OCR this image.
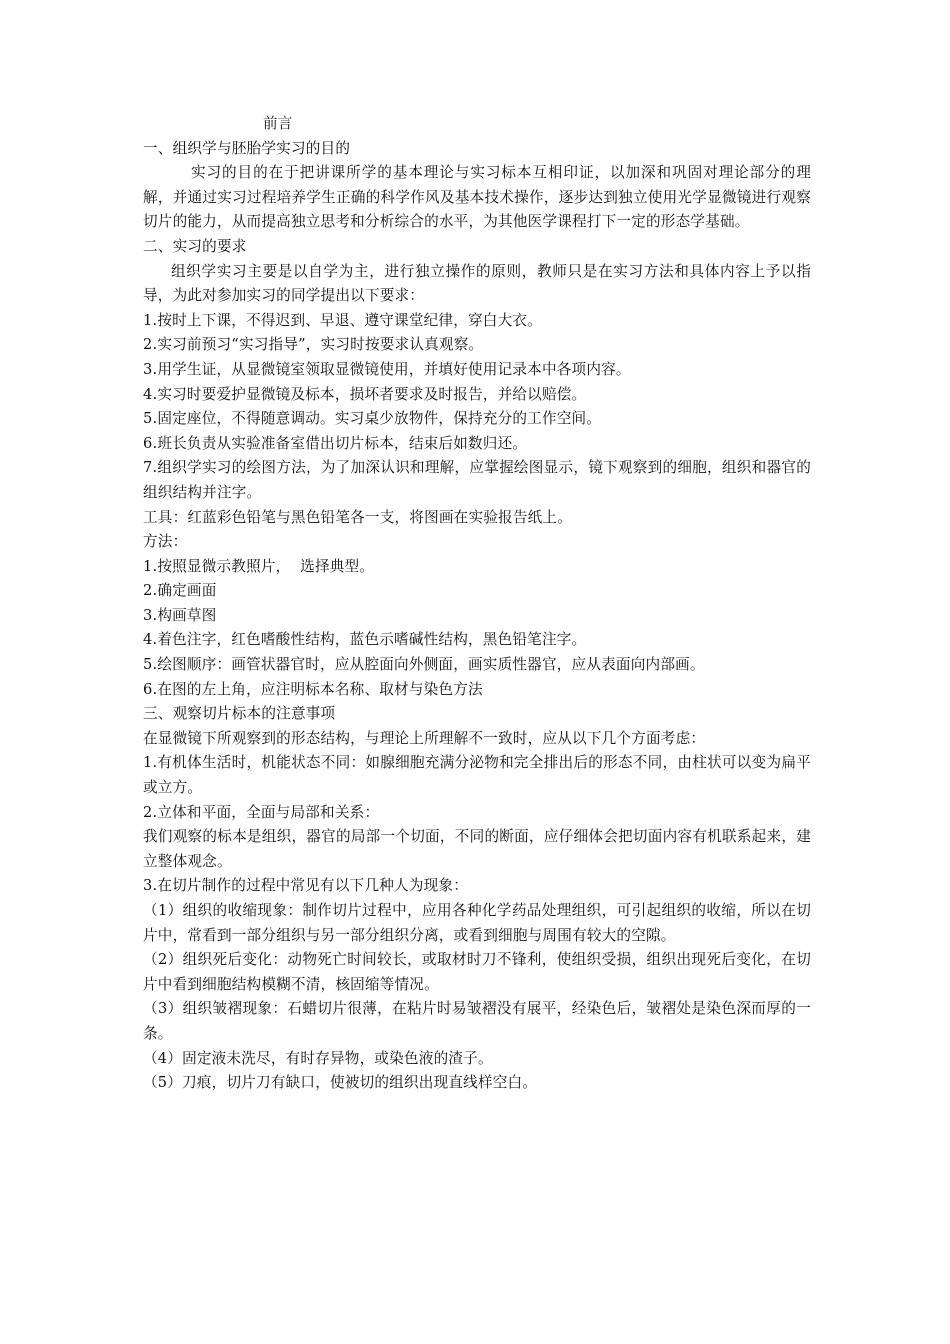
前言

一、组织学与胚胎学实习的目的

实习的目的在于把讲课所学的基本理论与实习标本互相印证，以加深和巩固对理论部分的理解，并通过实习过程培养学生正确的科学作风及基本技术操作，逐步达到独立使用光学显微镜进行观察切片的能力，从而提高独立思考和分析综合的水平，为其他医学课程打下一定的形态学基础。

二、实习的要求

组织学实习主要是以自学为主，进行独立操作的原则，教师只是在实习方法和具体内容上予以指导，为此对参加实习的同学提出以下要求：

1.按时上下课，不得迟到、早退、遵守课堂纪律，穿白大衣。

2.实习前预习“实习指导”，实习时按要求认真观察。

3.用学生证，从显微镜室领取显微镜使用，并填好使用记录本中各项内容。

4.实习时要爱护显微镜及标本，损坏者要求及时报告，并给以赔偿。

5.固定座位，不得随意调动。实习桌少放物件，保持充分的工作空间。

6.班长负责从实验准备室借出切片标本，结束后如数归还。

7.组织学实习的绘图方法，为了加深认识和理解，应掌握绘图显示，镜下观察到的细胞，组织和器官的组织结构并注字。

工具：红蓝彩色铅笔与黑色铅笔各一支，将图画在实验报告纸上。

方法：

1.按照显微示教照片，  选择典型。

2.确定画面

3.构画草图

4.着色注字，红色嗜酸性结构，蓝色示嗜碱性结构，黑色铅笔注字。

5.绘图顺序：画管状器官时，应从腔面向外侧面，画实质性器官，应从表面向内部画。

6.在图的左上角，应注明标本名称、取材与染色方法

三、观察切片标本的注意事项

在显微镜下所观察到的形态结构，与理论上所理解不一致时，应从以下几个方面考虑：

1.有机体生活时，机能状态不同：如腺细胞充满分泌物和完全排出后的形态不同，由柱状可以变为扁平或立方。

2.立体和平面，全面与局部和关系：

我们观察的标本是组织，器官的局部一个切面，不同的断面，应仔细体会把切面内容有机联系起来，建立整体观念。

3.在切片制作的过程中常见有以下几种人为现象：

（1）组织的收缩现象：制作切片过程中，应用各种化学药品处理组织，可引起组织的收缩，所以在切片中，常看到一部分组织与另一部分组织分离，或看到细胞与周围有较大的空隙。

（2）组织死后变化：动物死亡时间较长，或取材时刀不锋利，使组织受损，组织出现死后变化，在切片中看到细胞结构模糊不清，核固缩等情况。

（3）组织皱褶现象：石蜡切片很薄，在粘片时易皱褶没有展平，经染色后，皱褶处是染色深而厚的一条。

（4）固定液未洗尽，有时存异物，或染色液的渣子。

（5）刀痕，切片刀有缺口，使被切的组织出现直线样空白。
